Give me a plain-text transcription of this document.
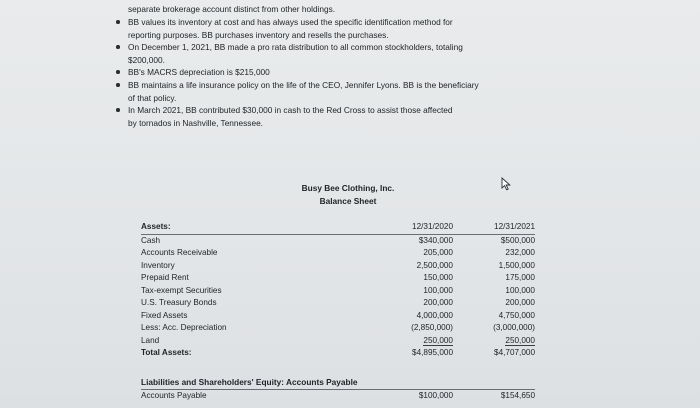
separate brokerage account distinct from other holdings.
BB values its inventory at cost and has always used the specific identification method for
reporting purposes. BB purchases inventory and resells the purchases.
On December 1, 2021, BB made a pro rata distribution to all common stockholders, totaling
$200,000.
BB's MACRS depreciation is $215,000
BB maintains a life insurance policy on the life of the CEO, Jennifer Lyons. BB is the beneficiary
of that policy.
In March 2021, BB contributed $30,000 in cash to the Red Cross to assist those affected
by tornados in Nashville, Tennessee.
Busy Bee Clothing, Inc.
Balance Sheet
Assets:	12/31/2020	12/31/2021
Cash	$340,000	$500,000
Accounts Receivable	205,000	232,000
Inventory	2,500,000	1,500,000
Prepaid Rent	150,000	175,000
Tax-exempt Securities	100,000	100,000
U.S. Treasury Bonds	200,000	200,000
Fixed Assets	4,000,000	4,750,000
Less: Acc. Depreciation	(2,850,000)	(3,000,000)
Land	250,000	250,000
Total Assets:	$4,895,000	$4,707,000
Liabilities and Shareholders' Equity: Accounts Payable
Accounts Payable	$100,000	$154,650
